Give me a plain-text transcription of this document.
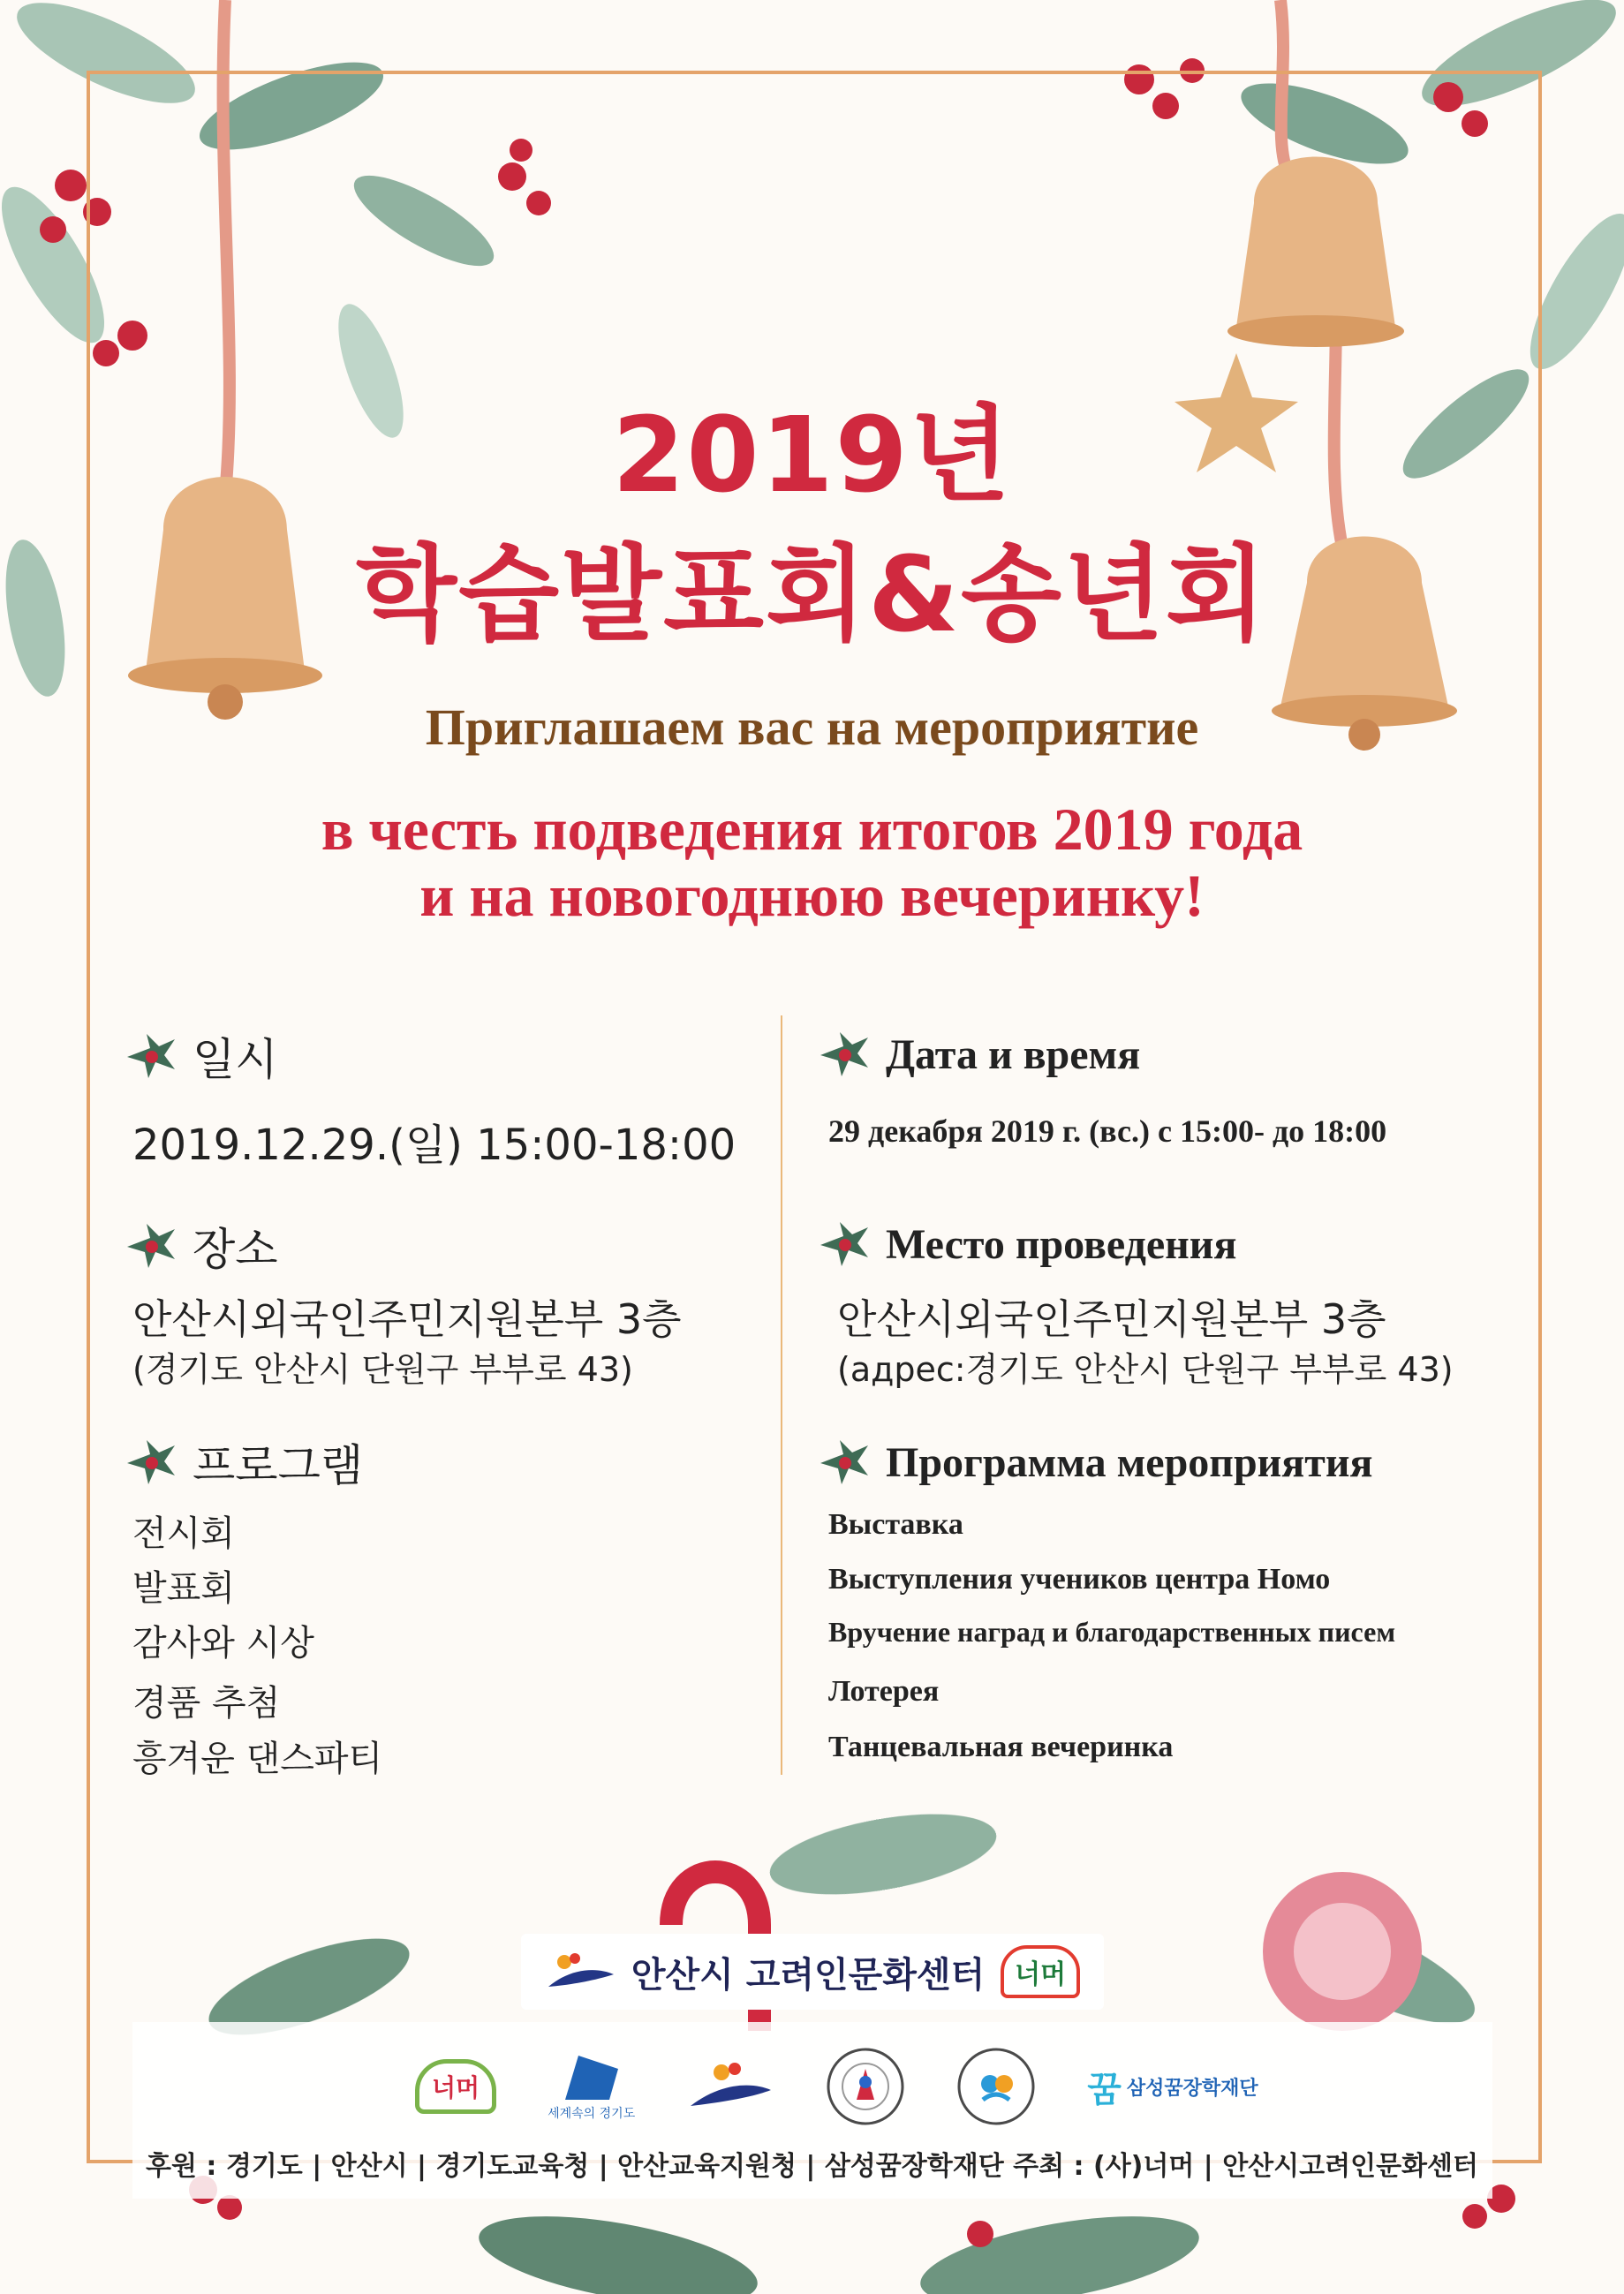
2019년
학습발표회&송년회
Приглашаем вас на мероприятие
в честь подведения итогов 2019 года
и на новогоднюю вечеринку!
일시
2019.12.29.(일) 15:00-18:00
장소
안산시외국인주민지원본부 3층
(경기도 안산시 단원구 부부로 43)
프로그램
전시회
발표회
감사와 시상
경품 추첨
흥겨운 댄스파티
Дата и время
29 декабря 2019 г. (вс.) с 15:00- до 18:00
Место проведения
안산시외국인주민지원본부 3층
(адрес:경기도 안산시 단원구 부부로 43)
Программа мероприятия
Выставка
Выступления учеников центра Номо
Вручение наград и благодарственных писем
Лотерея
Танцевальная вечеринка
안산시 고려인문화센터	너머
너머
세계속의 경기도
꿈 삼성꿈장학재단
후원 : 경기도 | 안산시 | 경기도교육청 | 안산교육지원청 | 삼성꿈장학재단 주최 : (사)너머 | 안산시고려인문화센터
